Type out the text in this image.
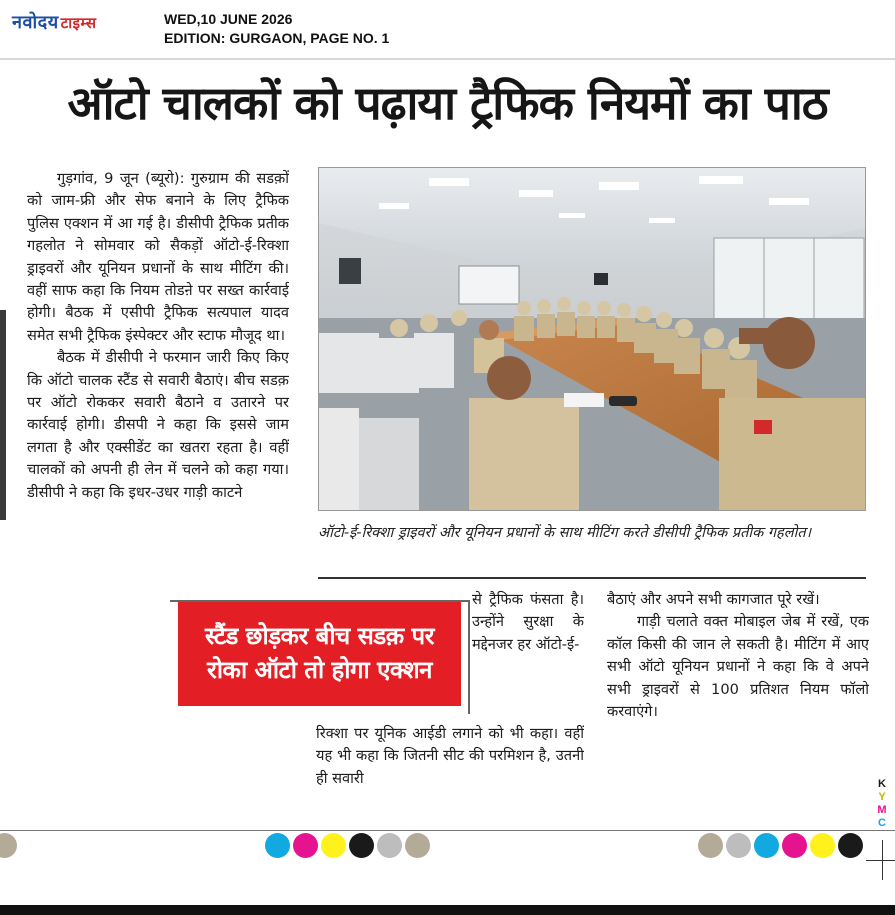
नवोदय टाइम्स	WED,10 JUNE 2026
EDITION: GURGAON, PAGE NO. 1
ऑटो चालकों को पढ़ाया ट्रैफिक नियमों का पाठ

गुड़गांव, 9 जून (ब्यूरो): गुरुग्राम की सडक़ों को जाम-फ्री और सेफ बनाने के लिए ट्रैफिक पुलिस एक्शन में आ गई है। डीसीपी ट्रैफिक प्रतीक गहलोत ने सोमवार को सैकड़ों ऑटो-ई-रिक्शा ड्राइवरों और यूनियन प्रधानों के साथ मीटिंग की। वहीं साफ कहा कि नियम तोडऩे पर सख्त कार्रवाई होगी। बैठक में एसीपी ट्रैफिक सत्यपाल यादव समेत सभी ट्रैफिक इंस्पेक्टर और स्टाफ मौजूद था।

बैठक में डीसीपी ने फरमान जारी किए किए कि ऑटो चालक स्टैंड से सवारी बैठाएं। बीच सडक़ पर ऑटो रोककर सवारी बैठाने व उतारने पर कार्रवाई होगी। डीसपी ने कहा कि इससे जाम लगता है और एक्सीडेंट का खतरा रहता है। वहीं चालकों को अपनी ही लेन में चलने को कहा गया। डीसीपी ने कहा कि इधर-उधर गाड़ी काटने

ऑटो-ई-रिक्शा ड्राइवरों और यूनियन प्रधानों के साथ मीटिंग करते डीसीपी ट्रैफिक प्रतीक गहलोत।
से ट्रैफिक फंसता है। उन्होंने सुरक्षा के मद्देनजर हर ऑटो-ई-
रिक्शा पर यूनिक आईडी लगाने को भी कहा। वहीं यह भी कहा कि जितनी सीट की परमिशन है, उतनी ही सवारी
बैठाएं और अपने सभी कागजात पूरे रखें।

गाड़ी चलाते वक्त मोबाइल जेब में रखें, एक कॉल किसी की जान ले सकती है। मीटिंग में आए सभी ऑटो यूनियन प्रधानों ने कहा कि वे अपने सभी ड्राइवरों से 100 प्रतिशत नियम फॉलो करवाएंगे।

स्टैंड छोड़कर बीच सडक़ पर
रोका ऑटो तो होगा एक्शन
K
Y
M
C
